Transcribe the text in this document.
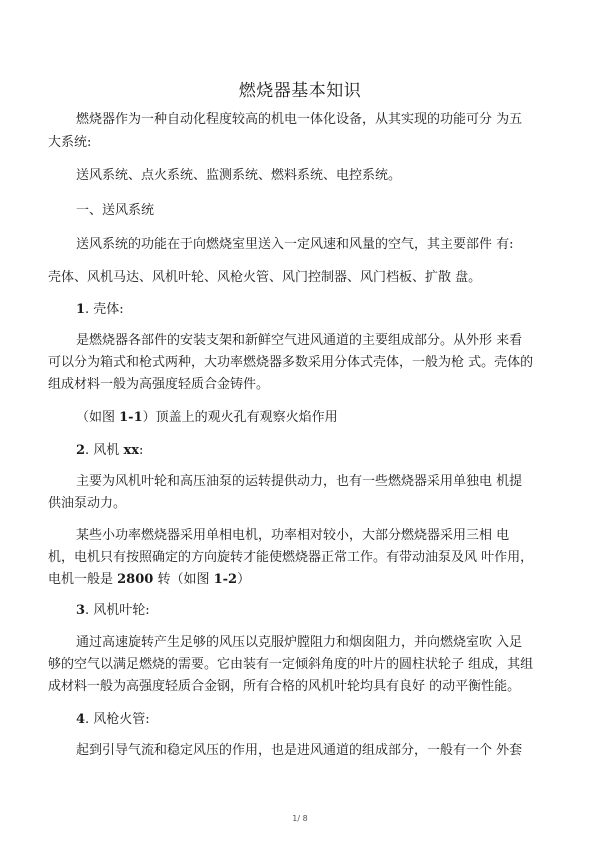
燃烧器基本知识
燃烧器作为一种自动化程度较高的机电一体化设备，从其实现的功能可分 为五
大系统:
送风系统、点火系统、监测系统、燃料系统、电控系统。
一、送风系统
送风系统的功能在于向燃烧室里送入一定风速和风量的空气，其主要部件 有:
壳体、风机马达、风机叶轮、风枪火管、风门控制器、风门档板、扩散 盘。
1. 壳体:
是燃烧器各部件的安装支架和新鲜空气进风通道的主要组成部分。从外形 来看
可以分为箱式和枪式两种，大功率燃烧器多数采用分体式壳体，一般为枪 式。壳体的
组成材料一般为高强度轻质合金铸件。
（如图 1-1）顶盖上的观火孔有观察火焰作用
2. 风机 xx:
主要为风机叶轮和高压油泵的运转提供动力，也有一些燃烧器采用单独电 机提
供油泵动力。
某些小功率燃烧器采用单相电机，功率相对较小，大部分燃烧器采用三相 电
机，电机只有按照确定的方向旋转才能使燃烧器正常工作。有带动油泵及风 叶作用，
电机一般是 2800 转（如图 1-2）
3. 风机叶轮:
通过高速旋转产生足够的风压以克服炉膛阻力和烟囱阻力，并向燃烧室吹 入足
够的空气以满足燃烧的需要。它由装有一定倾斜角度的叶片的圆柱状轮子 组成，其组
成材料一般为高强度轻质合金钢，所有合格的风机叶轮均具有良好 的动平衡性能。
4. 风枪火管:
起到引导气流和稳定风压的作用，也是进风通道的组成部分，一般有一个 外套
1/ 8
